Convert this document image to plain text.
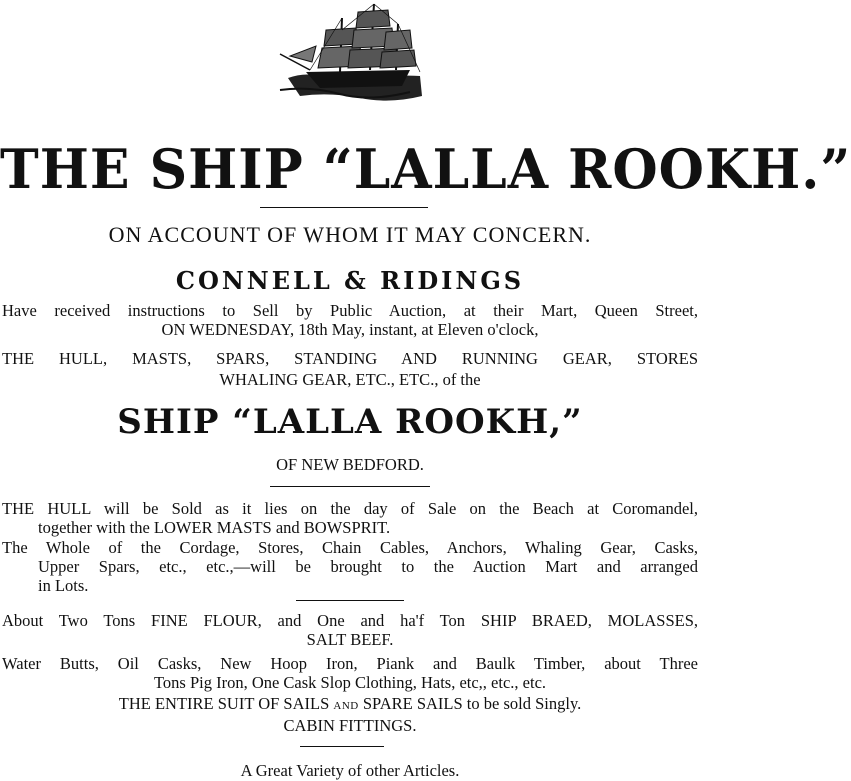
THE SHIP “LALLA ROOKH.”
ON ACCOUNT OF WHOM IT MAY CONCERN.
CONNELL & RIDINGS
Have received instructions to Sell by Public Auction, at their Mart, Queen Street,
ON WEDNESDAY, 18th May, instant, at Eleven o'clock,
THE HULL, MASTS, SPARS, STANDING AND RUNNING GEAR, STORES
WHALING GEAR, ETC., ETC., of the
SHIP “LALLA ROOKH,”
OF NEW BEDFORD.
THE HULL will be Sold as it lies on the day of Sale on the Beach at Coromandel,
together with the LOWER MASTS and BOWSPRIT.
The Whole of the Cordage, Stores, Chain Cables, Anchors, Whaling Gear, Casks,
Upper Spars, etc., etc.,—will be brought to the Auction Mart and arranged
in Lots.
About Two Tons FINE FLOUR, and One and ha'f Ton SHIP BRAED, MOLASSES,
SALT BEEF.
Water Butts, Oil Casks, New Hoop Iron, Piank and Baulk Timber, about Three
Tons Pig Iron, One Cask Slop Clothing, Hats, etc,, etc., etc.
THE ENTIRE SUIT OF SAILS AND SPARE SAILS to be sold Singly.
CABIN FITTINGS.
A Great Variety of other Articles.
